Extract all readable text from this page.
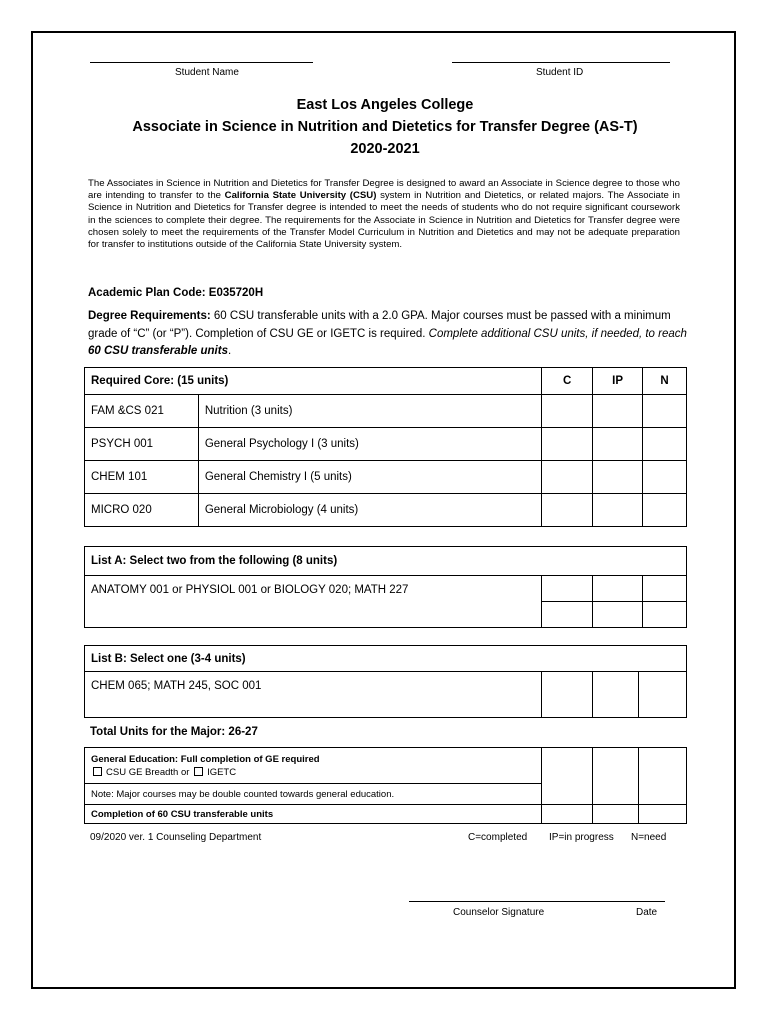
Student Name	Student ID
East Los Angeles College
Associate in Science in Nutrition and Dietetics for Transfer Degree (AS-T)
2020-2021
The Associates in Science in Nutrition and Dietetics for Transfer Degree is designed to award an Associate in Science degree to those who are intending to transfer to the California State University (CSU) system in Nutrition and Dietetics, or related majors. The Associate in Science in Nutrition and Dietetics for Transfer degree is intended to meet the needs of students who do not require significant coursework in the sciences to complete their degree. The requirements for the Associate in Science in Nutrition and Dietetics for Transfer degree were chosen solely to meet the requirements of the Transfer Model Curriculum in Nutrition and Dietetics and may not be adequate preparation for transfer to institutions outside of the California State University system.
Academic Plan Code: E035720H
Degree Requirements: 60 CSU transferable units with a 2.0 GPA. Major courses must be passed with a minimum grade of “C” (or “P”). Completion of CSU GE or IGETC is required. Complete additional CSU units, if needed, to reach 60 CSU transferable units.
Required Core: (15 units)		C	IP	N
FAM &CS 021	Nutrition (3 units)			
PSYCH 001	General Psychology I (3 units)			
CHEM 101	General Chemistry I (5 units)			
MICRO 020	General Microbiology (4 units)			
List A: Select two from the following (8 units)			
ANATOMY 001 or PHYSIOL 001 or BIOLOGY 020; MATH 227			

List B: Select one (3-4 units)
CHEM 065; MATH 245, SOC 001			
Total Units for the Major: 26-27
General Education: Full completion of GE required
CSU GE Breadth or IGETC			
Note: Major courses may be double counted towards general education.			
Completion of 60 CSU transferable units			
09/2020 ver. 1 Counseling Department	C=completed IP=in progress N=need
Counselor Signature	Date
